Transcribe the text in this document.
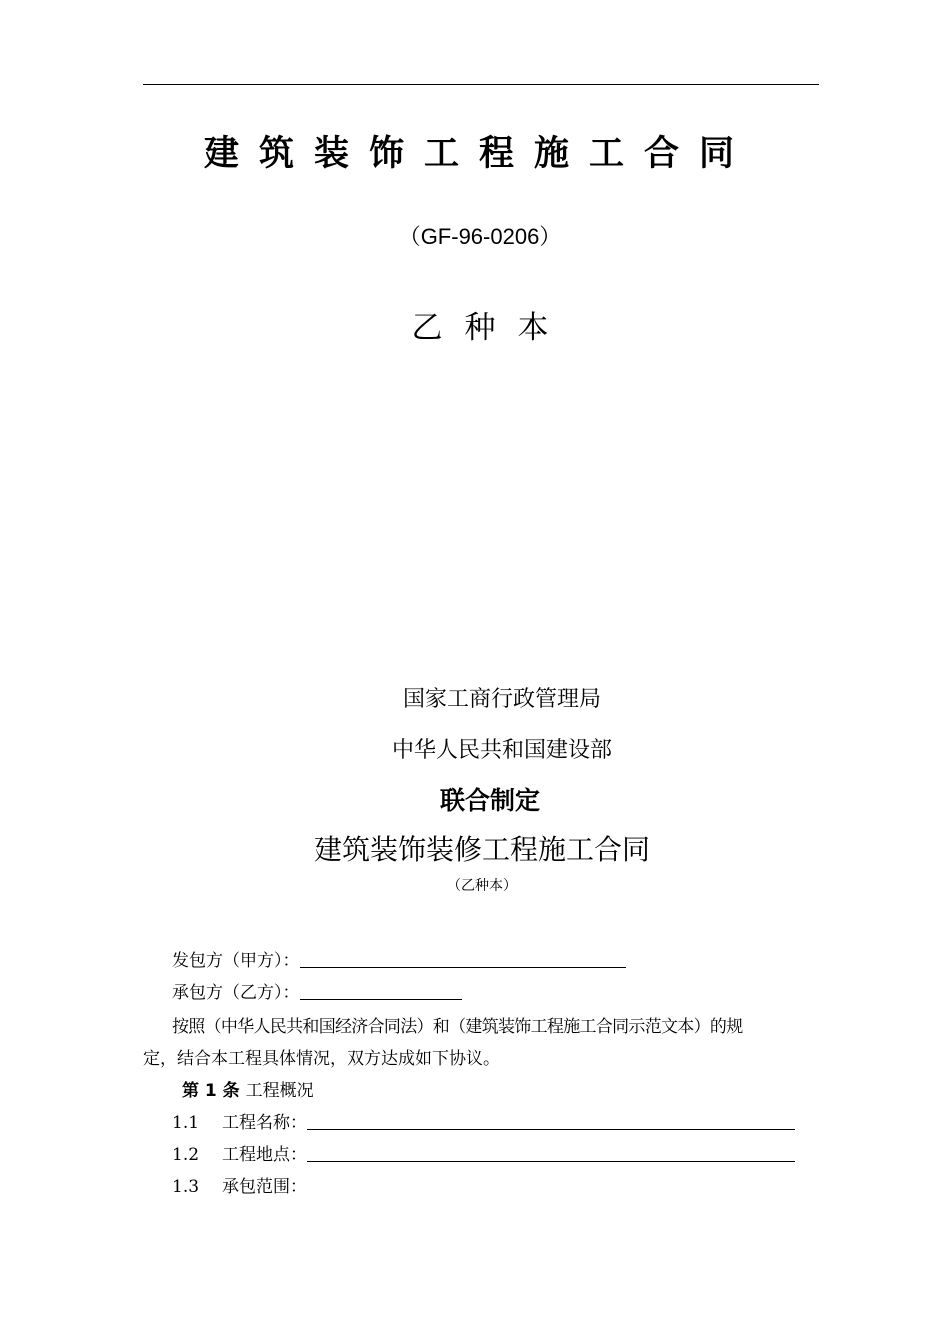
建筑装饰工程施工合同
（GF-96-0206）
乙种本
国家工商行政管理局
中华人民共和国建设部
联合制定
建筑装饰装修工程施工合同
（乙种本）
发包方（甲方）：
承包方（乙方）：
按照（中华人民共和国经济合同法）和（建筑装饰工程施工合同示范文本）的规
定，结合本工程具体情况，双方达成如下协议。
第 1 条 工程概况
1.1 工程名称：
1.2 工程地点：
1.3 承包范围：
